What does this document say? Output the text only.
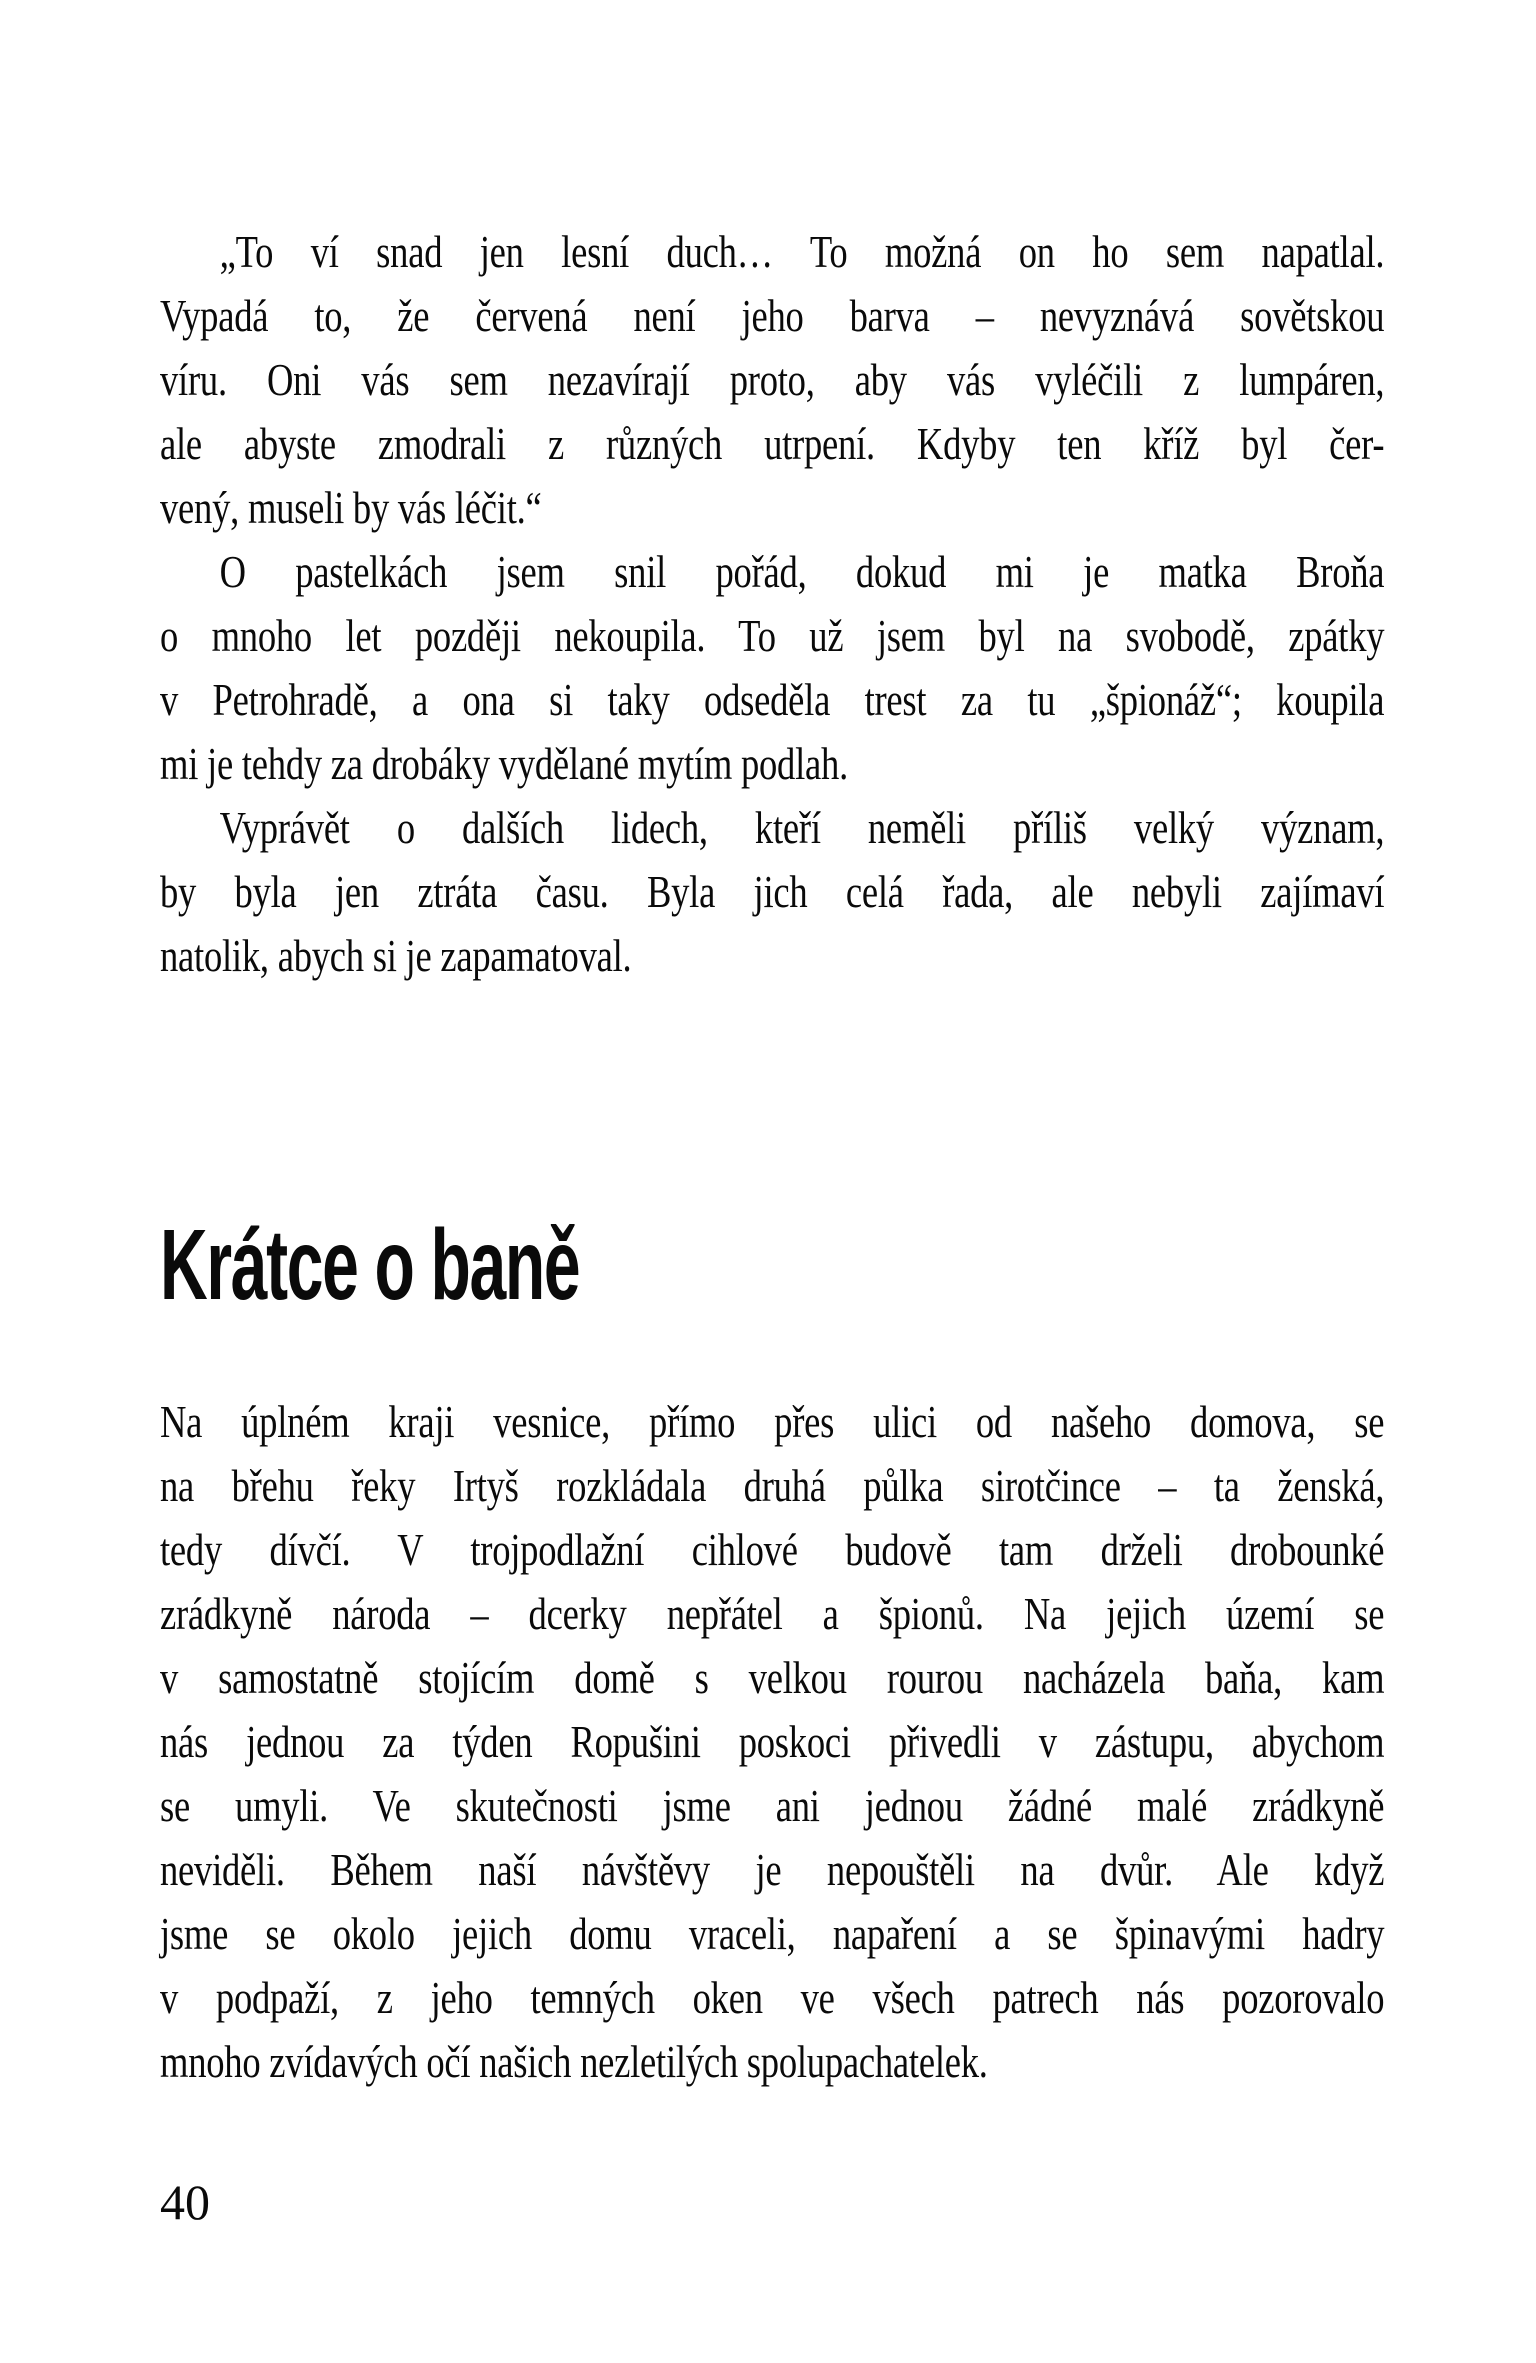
„To ví snad jen lesní duch… To možná on ho sem napatlal.
Vypadá to, že červená není jeho barva – nevyznává sovětskou
víru. Oni vás sem nezavírají proto, aby vás vyléčili z lumpáren,
ale abyste zmodrali z různých utrpení. Kdyby ten kříž byl čer-
vený, museli by vás léčit.“
O pastelkách jsem snil pořád, dokud mi je matka Broňa
o mnoho let později nekoupila. To už jsem byl na svobodě, zpátky
v Petrohradě, a ona si taky odseděla trest za tu „špionáž“; koupila
mi je tehdy za drobáky vydělané mytím podlah.
Vyprávět o dalších lidech, kteří neměli příliš velký význam,
by byla jen ztráta času. Byla jich celá řada, ale nebyli zajímaví
natolik, abych si je zapamatoval.
Krátce o baně
Na úplném kraji vesnice, přímo přes ulici od našeho domova, se
na břehu řeky Irtyš rozkládala druhá půlka sirotčince – ta ženská,
tedy dívčí. V trojpodlažní cihlové budově tam drželi drobounké
zrádkyně národa – dcerky nepřátel a špionů. Na jejich území se
v samostatně stojícím domě s velkou rourou nacházela baňa, kam
nás jednou za týden Ropušini poskoci přivedli v zástupu, abychom
se umyli. Ve skutečnosti jsme ani jednou žádné malé zrádkyně
neviděli. Během naší návštěvy je nepouštěli na dvůr. Ale když
jsme se okolo jejich domu vraceli, napaření a se špinavými hadry
v podpaží, z jeho temných oken ve všech patrech nás pozorovalo
mnoho zvídavých očí našich nezletilých spolupachatelek.
40
